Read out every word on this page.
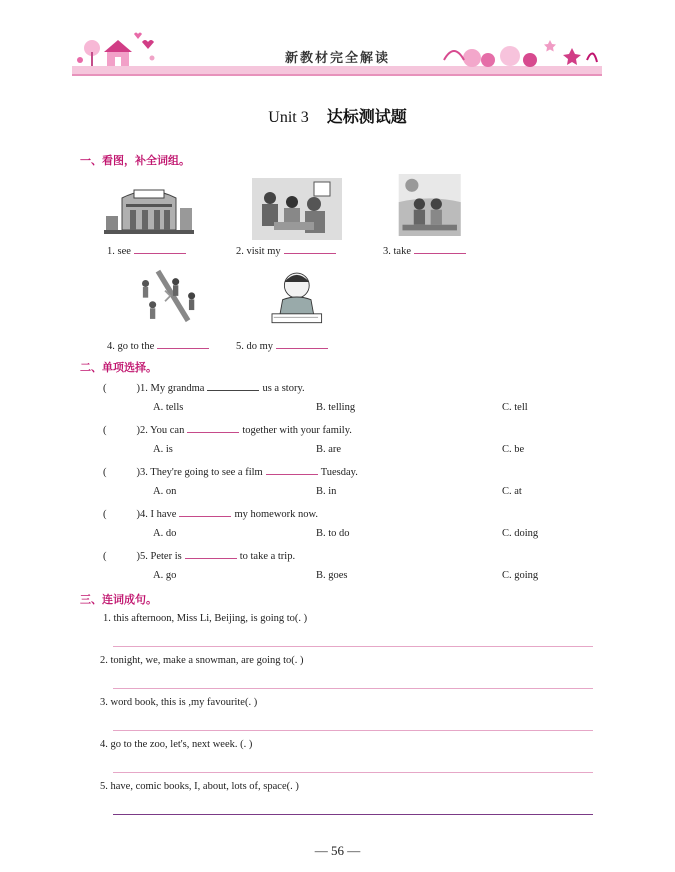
新教材完全解读
Unit 3 达标测试题
一、看图，补全词组。
1. see	2. visit my	3. take
4. go to the	5. do my
二、单项选择。
(	)1. My grandma	us a story.
A. tells	B. telling	C. tell
(	)2. You can	together with your family.
A. is	B. are	C. be
(	)3. They're going to see a film	Tuesday.
A. on	B. in	C. at
(	)4. I have	my homework now.
A. do	B. to do	C. doing
(	)5. Peter is	to take a trip.
A. go	B. goes	C. going
三、连词成句。
1. this afternoon, Miss Li, Beijing, is going to(. )
2. tonight, we, make a snowman, are going to(. )
3. word book, this is ,my favourite(. )
4. go to the zoo, let's, next week. (. )
5. have, comic books, I, about, lots of, space(. )
— 56 —
